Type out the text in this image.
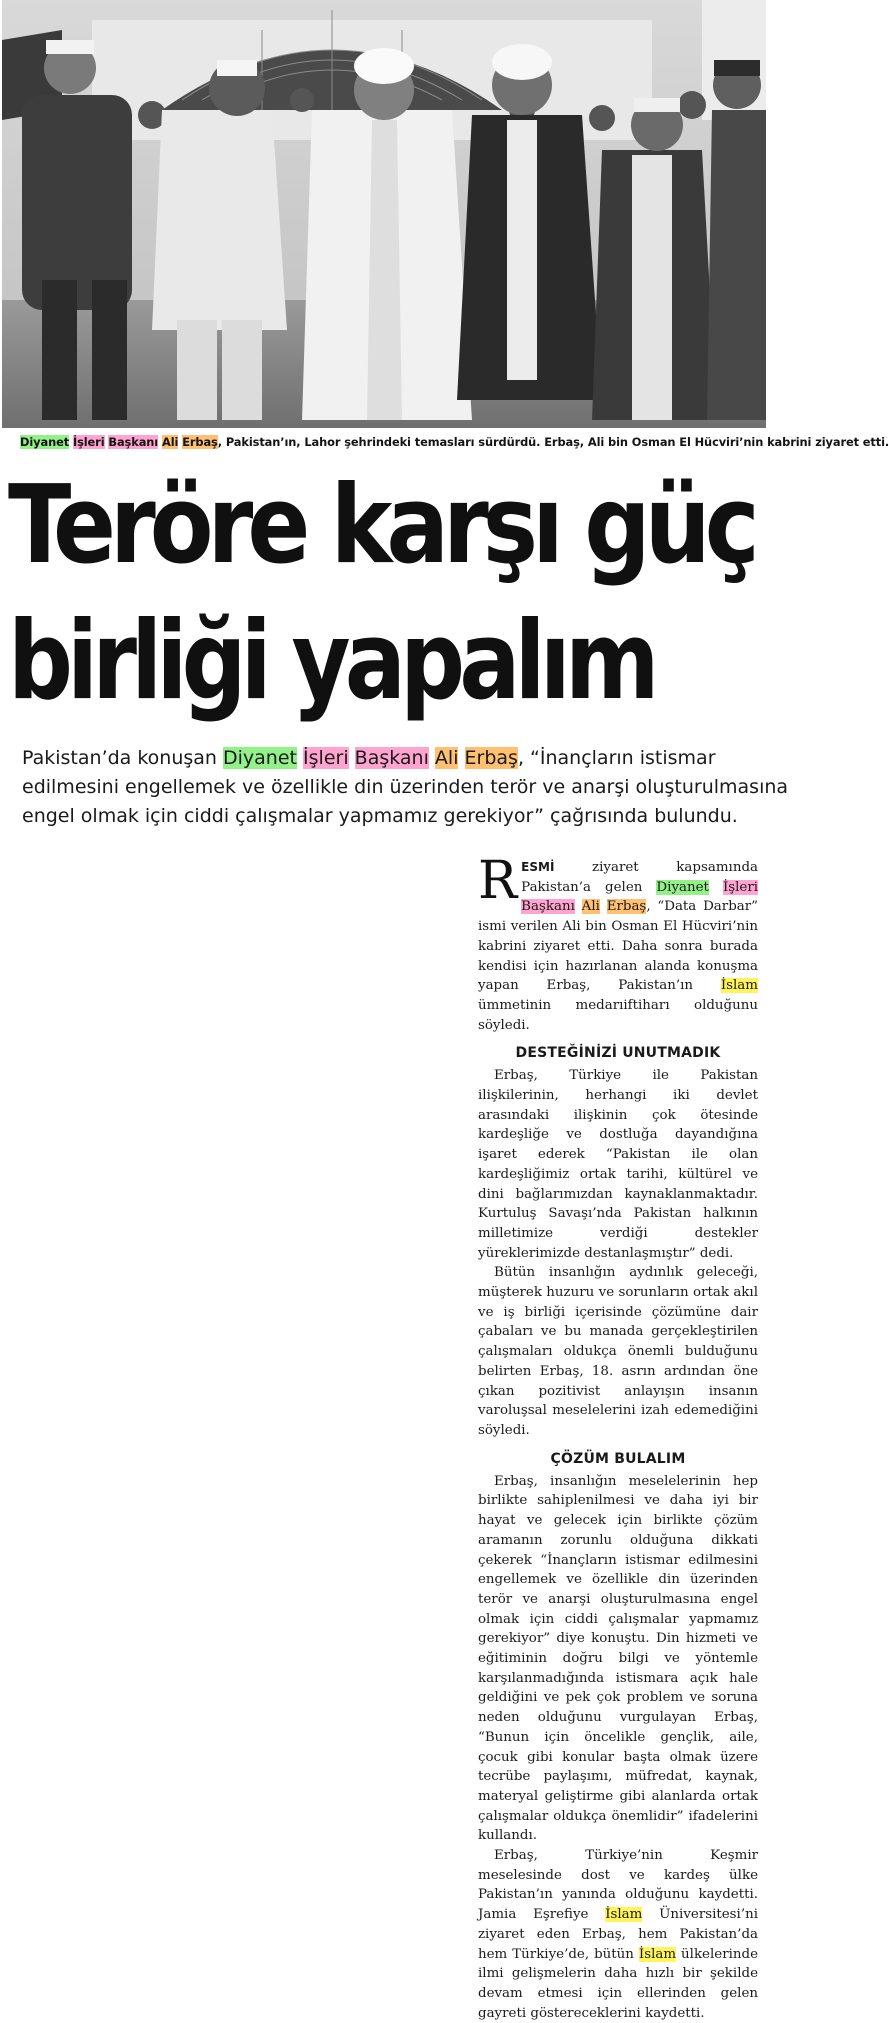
Diyanet İşleri Başkanı Ali Erbaş, Pakistan’ın, Lahor şehrindeki temasları sürdürdü. Erbaş, Ali bin Osman El Hücviri’nin kabrini ziyaret etti.
Teröre karşı güç
birliği yapalım

Pakistan’da konuşan Diyanet İşleri Başkanı Ali Erbaş, “İnançların istismar

edilmesini engellemek ve özellikle din üzerinden terör ve anarşi oluşturulmasına

engel olmak için ciddi çalışmalar yapmamız gerekiyor” çağrısında bulundu.

RESMİ ziyaret kapsamında Pakistan’a gelen Diyanet İşleri Başkanı Ali Erbaş, “Data Darbar” ismi verilen Ali bin Osman El Hücviri’nin kabrini ziyaret etti. Daha sonra burada kendisi için hazırlanan alanda konuşma yapan Erbaş, Pakistan’ın İslam ümmetinin medarıiftiharı olduğunu söyledi.

DESTEĞİNİZİ UNUTMADIK

Erbaş, Türkiye ile Pakistan ilişkilerinin, herhangi iki devlet arasındaki ilişkinin çok ötesinde kardeşliğe ve dostluğa dayandığına işaret ederek “Pakistan ile olan kardeşliğimiz ortak tarihi, kültürel ve dini bağlarımızdan kaynaklanmaktadır. Kurtuluş Savaşı’nda Pakistan halkının milletimize verdiği destekler yüreklerimizde destanlaşmıştır” dedi.

Bütün insanlığın aydınlık geleceği, müşterek huzuru ve sorunların ortak akıl ve iş birliği içerisinde çözümüne dair çabaları ve bu manada gerçekleştirilen çalışmaları oldukça önemli bulduğunu belirten Erbaş, 18. asrın ardından öne çıkan pozitivist anlayışın insanın varoluşsal meselelerini izah edemediğini söyledi.

ÇÖZÜM BULALIM

Erbaş, insanlığın meselelerinin hep birlikte sahiplenilmesi ve daha iyi bir hayat ve gelecek için birlikte çözüm aramanın zorunlu olduğuna dikkati çekerek “İnançların istismar edilmesini engellemek ve özellikle din üzerinden terör ve anarşi oluşturulmasına engel olmak için ciddi çalışmalar yapmamız gerekiyor” diye konuştu. Din hizmeti ve eğitiminin doğru bilgi ve yöntemle karşılanmadığında istismara açık hale geldiğini ve pek çok problem ve soruna neden olduğunu vurgulayan Erbaş, “Bunun için öncelikle gençlik, aile, çocuk gibi konular başta olmak üzere tecrübe paylaşımı, müfredat, kaynak, materyal geliştirme gibi alanlarda ortak çalışmalar oldukça önemlidir” ifadelerini kullandı.

Erbaş, Türkiye’nin Keşmir meselesinde dost ve kardeş ülke Pakistan’ın yanında olduğunu kaydetti. Jamia Eşrefiye İslam Üniversitesi’ni ziyaret eden Erbaş, hem Pakistan’da hem Türkiye’de, bütün İslam ülkelerinde ilmi gelişmelerin daha hızlı bir şekilde devam etmesi için ellerinden gelen gayreti göstereceklerini kaydetti.
